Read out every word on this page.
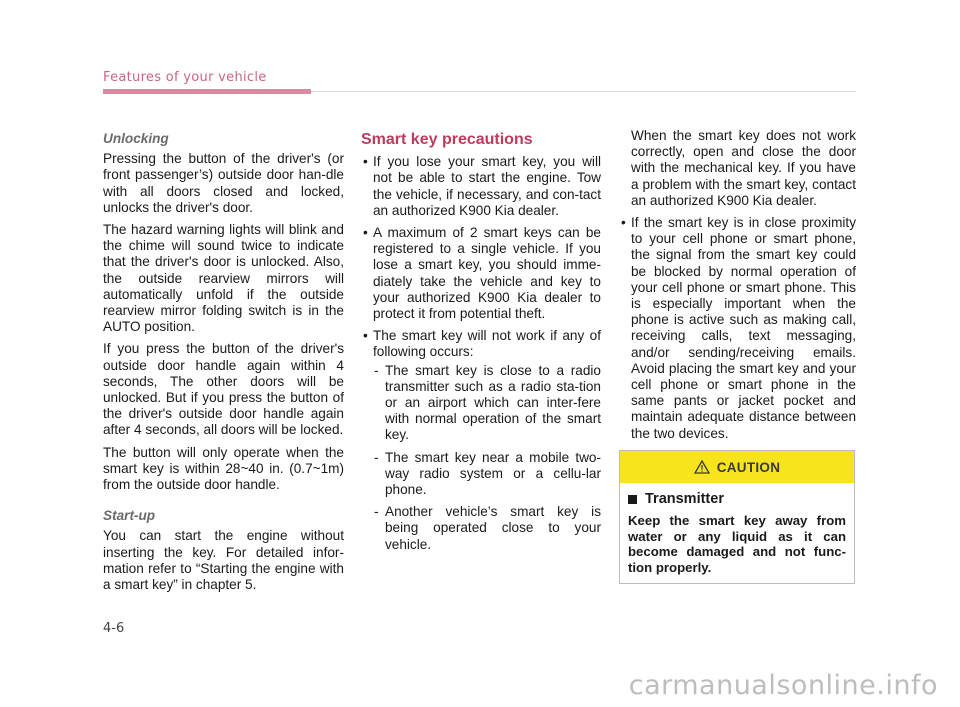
Features of your vehicle
Unlocking

Pressing the button of the driver's (or front passenger’s) outside door han-dle with all doors closed and locked, unlocks the driver's door.

The hazard warning lights will blink and the chime will sound twice to indicate that the driver's door is unlocked. Also, the outside rearview mirrors will automatically unfold if the outside rearview mirror folding switch is in the AUTO position.

If you press the button of the driver's outside door handle again within 4 seconds, The other doors will be unlocked. But if you press the button of the driver's outside door handle again after 4 seconds, all doors will be locked.

The button will only operate when the smart key is within 28~40 in. (0.7~1m) from the outside door handle.

Start-up

You can start the engine without inserting the key. For detailed infor-mation refer to “Starting the engine with a smart key” in chapter 5.

Smart key precautions
• If you lose your smart key, you will not be able to start the engine. Tow the vehicle, if necessary, and con-tact an authorized K900 Kia dealer.
• A maximum of 2 smart keys can be registered to a single vehicle. If you lose a smart key, you should imme-diately take the vehicle and key to your authorized K900 Kia dealer to protect it from potential theft.
• The smart key will not work if any of following occurs:
- The smart key is close to a radio transmitter such as a radio sta-tion or an airport which can inter-fere with normal operation of the smart key.
- The smart key near a mobile two-way radio system or a cellu-lar phone.
- Another vehicle’s smart key is being operated close to your vehicle.
When the smart key does not work correctly, open and close the door with the mechanical key. If you have a problem with the smart key, contact an authorized K900 Kia dealer.
• If the smart key is in close proximity to your cell phone or smart phone, the signal from the smart key could be blocked by normal operation of your cell phone or smart phone. This is especially important when the phone is active such as making call, receiving calls, text messaging, and/or sending/receiving emails. Avoid placing the smart key and your cell phone or smart phone in the same pants or jacket pocket and maintain adequate distance between the two devices.
CAUTION
Transmitter
Keep the smart key away from water or any liquid as it can become damaged and not func-tion properly.
4-6
carmanualsonline.info
